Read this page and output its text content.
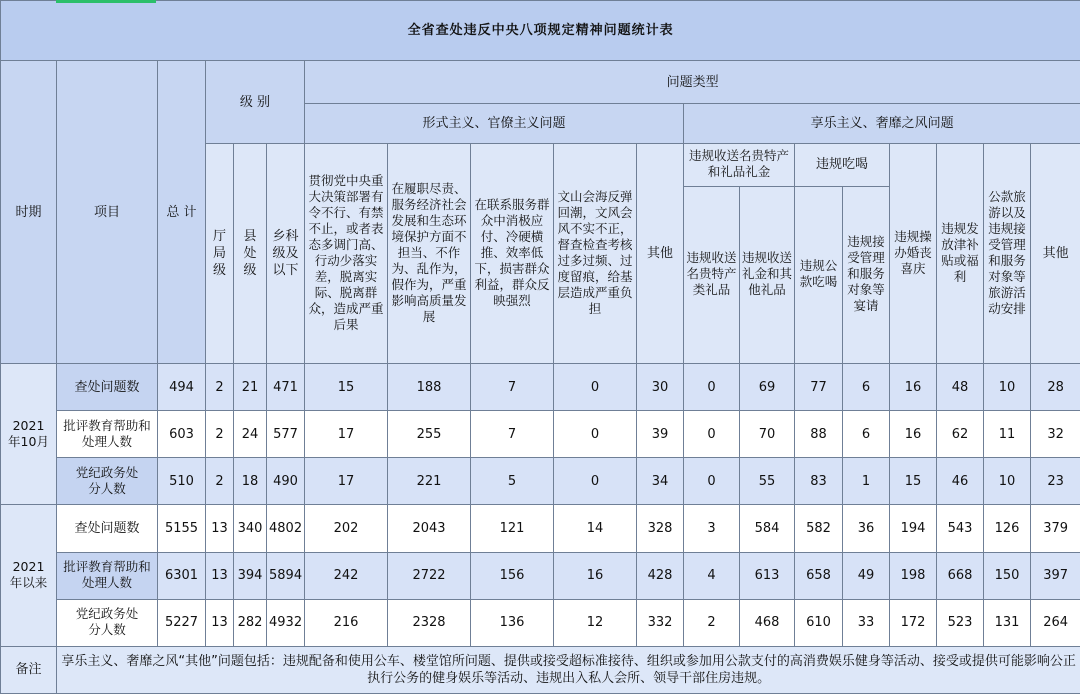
全省查处违反中央八项规定精神问题统计表																		
时期	项目	总 计	级 别			问题类型												
						形式主义、官僚主义问题					享乐主义、奢靡之风问题							
			厅局级	县处级	乡科级及以下	贯彻党中央重大决策部署有令不行、有禁不止，或者表态多调门高、行动少落实差，脱离实际、脱离群众，造成严重后果	在履职尽责、服务经济社会发展和生态环境保护方面不担当、不作为、乱作为，假作为，严重影响高质量发展	在联系服务群众中消极应付、冷硬横推、效率低下，损害群众利益，群众反映强烈	文山会海反弹回潮，文风会风不实不正，督查检查考核过多过频、过度留痕，给基层造成严重负担	其他	违规收送名贵特产和礼品礼金		违规吃喝		违规操办婚丧喜庆	违规发放津补贴或福利	公款旅游以及违规接受管理和服务对象等旅游活动安排	其他
											违规收送名贵特产类礼品	违规收送礼金和其他礼品	违规公款吃喝	违规接受管理和服务对象等宴请				
2021年10月	查处问题数	494	2	21	471	15	188	7	0	30	0	69	77	6	16	48	10	28
	批评教育帮助和处理人数	603	2	24	577	17	255	7	0	39	0	70	88	6	16	62	11	32
	党纪政务处分人数	510	2	18	490	17	221	5	0	34	0	55	83	1	15	46	10	23
2021年以来	查处问题数	5155	13	340	4802	202	2043	121	14	328	3	584	582	36	194	543	126	379
	批评教育帮助和处理人数	6301	13	394	5894	242	2722	156	16	428	4	613	658	49	198	668	150	397
	党纪政务处分人数	5227	13	282	4932	216	2328	136	12	332	2	468	610	33	172	523	131	264
备注	享乐主义、奢靡之风“其他”问题包括：违规配备和使用公车、楼堂馆所问题、提供或接受超标准接待、组织或参加用公款支付的高消费娱乐健身等活动、接受或提供可能影响公正执行公务的健身娱乐等活动、违规出入私人会所、领导干部住房违规。																	
